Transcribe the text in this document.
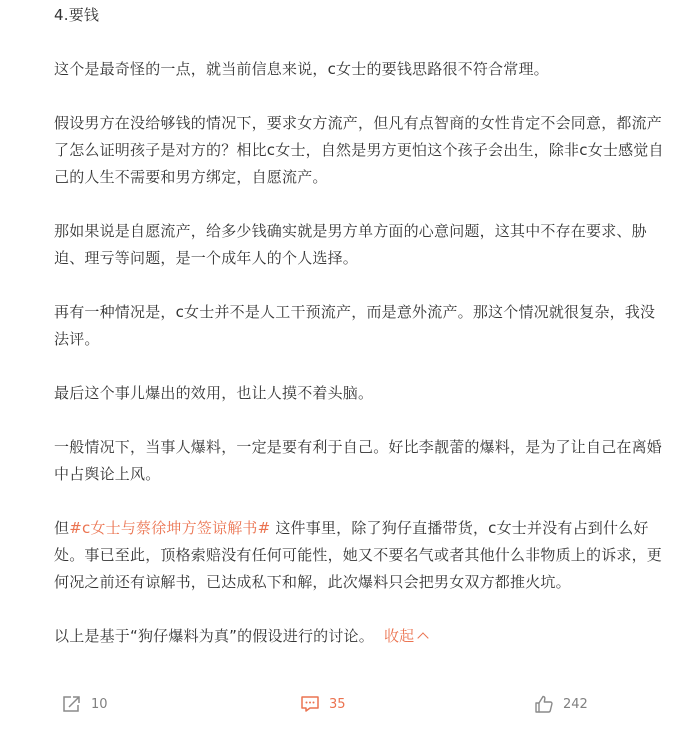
4.要钱

这个是最奇怪的一点，就当前信息来说，c女士的要钱思路很不符合常理。

假设男方在没给够钱的情况下，要求女方流产，但凡有点智商的女性肯定不会同意，都流产了怎么证明孩子是对方的？相比c女士，自然是男方更怕这个孩子会出生，除非c女士感觉自己的人生不需要和男方绑定，自愿流产。

那如果说是自愿流产，给多少钱确实就是男方单方面的心意问题，这其中不存在要求、胁迫、理亏等问题，是一个成年人的个人选择。

再有一种情况是，c女士并不是人工干预流产，而是意外流产。那这个情况就很复杂，我没法评。

最后这个事儿爆出的效用，也让人摸不着头脑。

一般情况下，当事人爆料，一定是要有利于自己。好比李靓蕾的爆料，是为了让自己在离婚中占舆论上风。

但#c女士与蔡徐坤方签谅解书# 这件事里，除了狗仔直播带货，c女士并没有占到什么好处。事已至此，顶格索赔没有任何可能性，她又不要名气或者其他什么非物质上的诉求，更何况之前还有谅解书，已达成私下和解，此次爆料只会把男女双方都推火坑。

以上是基于“狗仔爆料为真”的假设进行的讨论。 收起

10	35	242
